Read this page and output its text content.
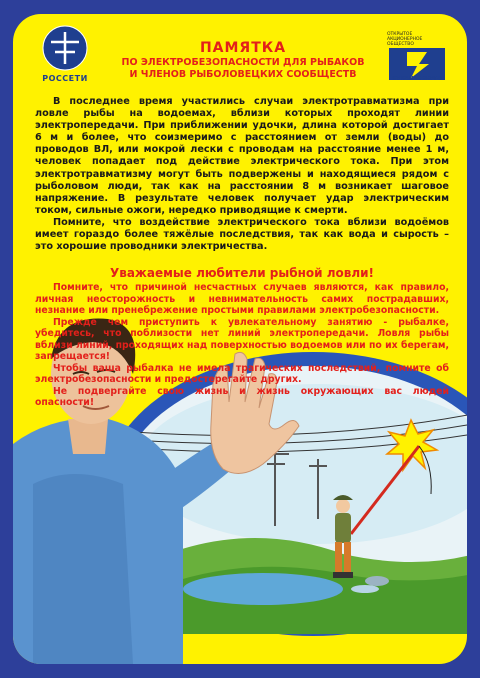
РОССЕТИ
ОТКРЫТОЕ АКЦИОНЕРНОЕ ОБЩЕСТВО
КУБАНЬЭНЕРГО
ПАМЯТКА
ПО ЭЛЕКТРОБЕЗОПАСНОСТИ ДЛЯ РЫБАКОВ
И ЧЛЕНОВ РЫБОЛОВЕЦКИХ СООБЩЕСТВ

В последнее время участились случаи электротравматизма при ловле рыбы на водоемах, вблизи которых проходят линии электропередачи. При приближении удочки, длина которой достигает 6 м и более, что соизмеримо с расстоянием от земли (воды) до проводов ВЛ, или мокрой лески с проводам на расстояние менее 1 м, человек попадает под действие электрического тока. При этом электротравматизму могут быть подвержены и находящиеся рядом с рыболовом люди, так как на расстоянии 8 м возникает шаговое напряжение. В результате человек получает удар электрическим током, сильные ожоги, нередко приводящие к смерти.

Помните, что воздействие электрического тока вблизи водоёмов имеет гораздо более тяжёлые последствия, так как вода и сырость – это хорошие проводники электричества.

Уважаемые любители рыбной ловли!

Помните, что причиной несчастных случаев являются, как правило, личная неосторожность и невнимательность самих пострадавших, незнание или пренебрежение простыми правилами электробезопасности.

Прежде чем приступить к увлекательному занятию - рыбалке, убедитесь, что поблизости нет линий электропередачи. Ловля рыбы вблизи линий, проходящих над поверхностью водоемов или по их берегам, запрещается!

Чтобы ваша рыбалка не имела трагических последствий, помните об электробезопасности и предостерегайте других.

Не подвергайте свою жизнь и жизнь окружающих вас людей опасности!
